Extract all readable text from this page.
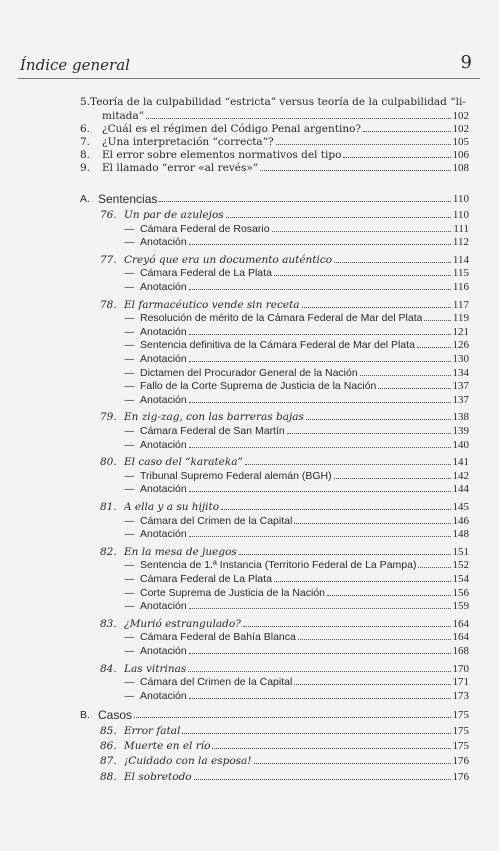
Índice general	9
5.Teoría de la culpabilidad “estricta” versus teoría de la culpabilidad “li-
mitada”	102
6.	¿Cuál es el régimen del Código Penal argentino?	102
7.	¿Una interpretación “correcta”?	105
8.	El error sobre elementos normativos del tipo	106
9.	El llamado “error «al revés»”	108
A. Sentencias	110
76. Un par de azulejos	110
— Cámara Federal de Rosario	111
— Anotación	112
77. Creyó que era un documento auténtico	114
— Cámara Federal de La Plata	115
— Anotación	116
78. El farmacéutico vende sin receta	117
— Resolución de mérito de la Cámara Federal de Mar del Plata	119
— Anotación	121
— Sentencia definitiva de la Cámara Federal de Mar del Plata	126
— Anotación	130
— Dictamen del Procurador General de la Nación	134
— Fallo de la Corte Suprema de Justicia de la Nación	137
— Anotación	137
79. En zig-zag, con las barreras bajas	138
— Cámara Federal de San Martín	139
— Anotación	140
80. El caso del “karateka”	141
— Tribunal Supremo Federal alemán (BGH)	142
— Anotación	144
81. A ella y a su hijito	145
— Cámara del Crimen de la Capital	146
— Anotación	148
82. En la mesa de juegos	151
— Sentencia de 1.ª Instancia (Territorio Federal de La Pampa)	152
— Cámara Federal de La Plata	154
— Corte Suprema de Justicia de la Nación	156
— Anotación	159
83. ¿Murió estrangulado?	164
— Cámara Federal de Bahía Blanca	164
— Anotación	168
84. Las vitrinas	170
— Cámara del Crimen de la Capital	171
— Anotación	173
B. Casos	175
85. Error fatal	175
86. Muerte en el río	175
87. ¡Cuidado con la esposa!	176
88. El sobretodo	176
